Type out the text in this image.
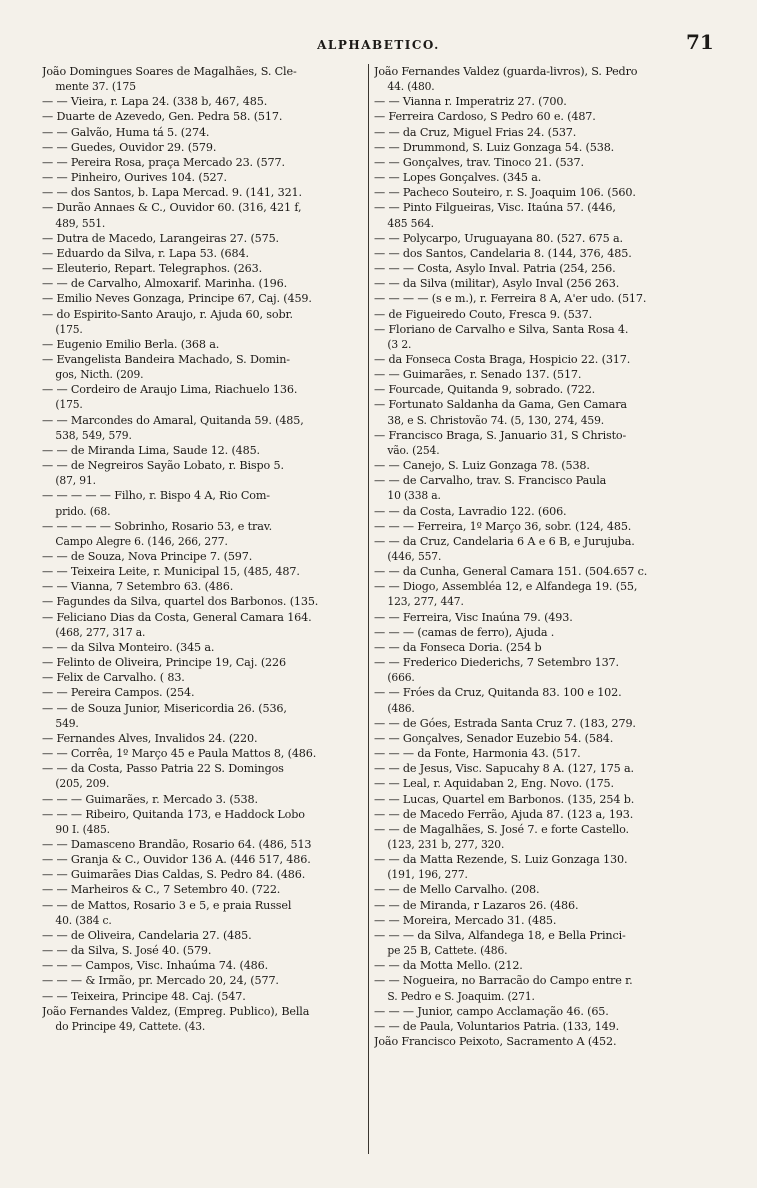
ALPHABETICO.	71
João Domingues Soares de Magalhães, S. Cle-
mente 37. (175
— — Vieira, r. Lapa 24. (338 b, 467, 485.
— Duarte de Azevedo, Gen. Pedra 58. (517.
— — Galvão, Huma tá 5. (274.
— — Guedes, Ouvidor 29. (579.
— — Pereira Rosa, praça Mercado 23. (577.
— — Pinheiro, Ourives 104. (527.
— — dos Santos, b. Lapa Mercad. 9. (141, 321.
— Durão Annaes & C., Ouvidor 60. (316, 421 f,
489, 551.
— Dutra de Macedo, Larangeiras 27. (575.
— Eduardo da Silva, r. Lapa 53. (684.
— Eleuterio, Repart. Telegraphos. (263.
— — de Carvalho, Almoxarif. Marinha. (196.
— Emilio Neves Gonzaga, Principe 67, Caj. (459.
— do Espirito-Santo Araujo, r. Ajuda 60, sobr.
(175.
— Eugenio Emilio Berla. (368 a.
— Evangelista Bandeira Machado, S. Domin-
gos, Nicth. (209.
— — Cordeiro de Araujo Lima, Riachuelo 136.
(175.
— — Marcondes do Amaral, Quitanda 59. (485,
538, 549, 579.
— — de Miranda Lima, Saude 12. (485.
— — de Negreiros Sayão Lobato, r. Bispo 5.
(87, 91.
— — — — — Filho, r. Bispo 4 A, Rio Com-
prido. (68.
— — — — — Sobrinho, Rosario 53, e trav.
Campo Alegre 6. (146, 266, 277.
— — de Souza, Nova Principe 7. (597.
— — Teixeira Leite, r. Municipal 15, (485, 487.
— — Vianna, 7 Setembro 63. (486.
— Fagundes da Silva, quartel dos Barbonos. (135.
— Feliciano Dias da Costa, General Camara 164.
(468, 277, 317 a.
— — da Silva Monteiro. (345 a.
— Felinto de Oliveira, Principe 19, Caj. (226
— Felix de Carvalho. ( 83.
— — Pereira Campos. (254.
— — de Souza Junior, Misericordia 26. (536,
549.
— Fernandes Alves, Invalidos 24. (220.
— — Corrêa, 1º Março 45 e Paula Mattos 8, (486.
— — da Costa, Passo Patria 22 S. Domingos
(205, 209.
— — — Guimarães, r. Mercado 3. (538.
— — — Ribeiro, Quitanda 173, e Haddock Lobo
90 I. (485.
— — Damasceno Brandão, Rosario 64. (486, 513
— — Granja & C., Ouvidor 136 A. (446 517, 486.
— — Guimarães Dias Caldas, S. Pedro 84. (486.
— — Marheiros & C., 7 Setembro 40. (722.
— — de Mattos, Rosario 3 e 5, e praia Russel
40. (384 c.
— — de Oliveira, Candelaria 27. (485.
— — da Silva, S. José 40. (579.
— — — Campos, Visc. Inhaúma 74. (486.
— — — & Irmão, pr. Mercado 20, 24, (577.
— — Teixeira, Principe 48. Caj. (547.
João Fernandes Valdez, (Empreg. Publico), Bella
do Principe 49, Cattete. (43.
João Fernandes Valdez (guarda-livros), S. Pedro
44. (480.
— — Vianna r. Imperatriz 27. (700.
— Ferreira Cardoso, S Pedro 60 e. (487.
— — da Cruz, Miguel Frias 24. (537.
— — Drummond, S. Luiz Gonzaga 54. (538.
— — Gonçalves, trav. Tinoco 21. (537.
— — Lopes Gonçalves. (345 a.
— — Pacheco Souteiro, r. S. Joaquim 106. (560.
— — Pinto Filgueiras, Visc. Itaúna 57. (446,
485 564.
— — Polycarpo, Uruguayana 80. (527. 675 a.
— — dos Santos, Candelaria 8. (144, 376, 485.
— — — Costa, Asylo Inval. Patria (254, 256.
— — da Silva (militar), Asylo Inval (256 263.
— — — — (s e m.), r. Ferreira 8 A, A'er udo. (517.
— de Figueiredo Couto, Fresca 9. (537.
— Floriano de Carvalho e Silva, Santa Rosa 4.
(3 2.
— da Fonseca Costa Braga, Hospicio 22. (317.
— — Guimarães, r. Senado 137. (517.
— Fourcade, Quitanda 9, sobrado. (722.
— Fortunato Saldanha da Gama, Gen Camara
38, e S. Christovão 74. (5, 130, 274, 459.
— Francisco Braga, S. Januario 31, S Christo-
vão. (254.
— — Canejo, S. Luiz Gonzaga 78. (538.
— — de Carvalho, trav. S. Francisco Paula
10 (338 a.
— — da Costa, Lavradio 122. (606.
— — — Ferreira, 1º Março 36, sobr. (124, 485.
— — da Cruz, Candelaria 6 A e 6 B, e Jurujuba.
(446, 557.
— — da Cunha, General Camara 151. (504.657 c.
— — Diogo, Assembléa 12, e Alfandega 19. (55,
123, 277, 447.
— — Ferreira, Visc Inaúna 79. (493.
— — — (camas de ferro), Ajuda .
— — da Fonseca Doria. (254 b
— — Frederico Diederichs, 7 Setembro 137.
(666.
— — Fróes da Cruz, Quitanda 83. 100 e 102.
(486.
— — de Góes, Estrada Santa Cruz 7. (183, 279.
— — Gonçalves, Senador Euzebio 54. (584.
— — — da Fonte, Harmonia 43. (517.
— — de Jesus, Visc. Sapucahy 8 A. (127, 175 a.
— — Leal, r. Aquidaban 2, Eng. Novo. (175.
— — Lucas, Quartel em Barbonos. (135, 254 b.
— — de Macedo Ferrão, Ajuda 87. (123 a, 193.
— — de Magalhães, S. José 7. e forte Castello.
(123, 231 b, 277, 320.
— — da Matta Rezende, S. Luiz Gonzaga 130.
(191, 196, 277.
— — de Mello Carvalho. (208.
— — de Miranda, r Lazaros 26. (486.
— — Moreira, Mercado 31. (485.
— — — da Silva, Alfandega 18, e Bella Princi-
pe 25 B, Cattete. (486.
— — da Motta Mello. (212.
— — Nogueira, no Barracão do Campo entre r.
S. Pedro e S. Joaquim. (271.
— — — Junior, campo Acclamação 46. (65.
— — de Paula, Voluntarios Patria. (133, 149.
João Francisco Peixoto, Sacramento A (452.
